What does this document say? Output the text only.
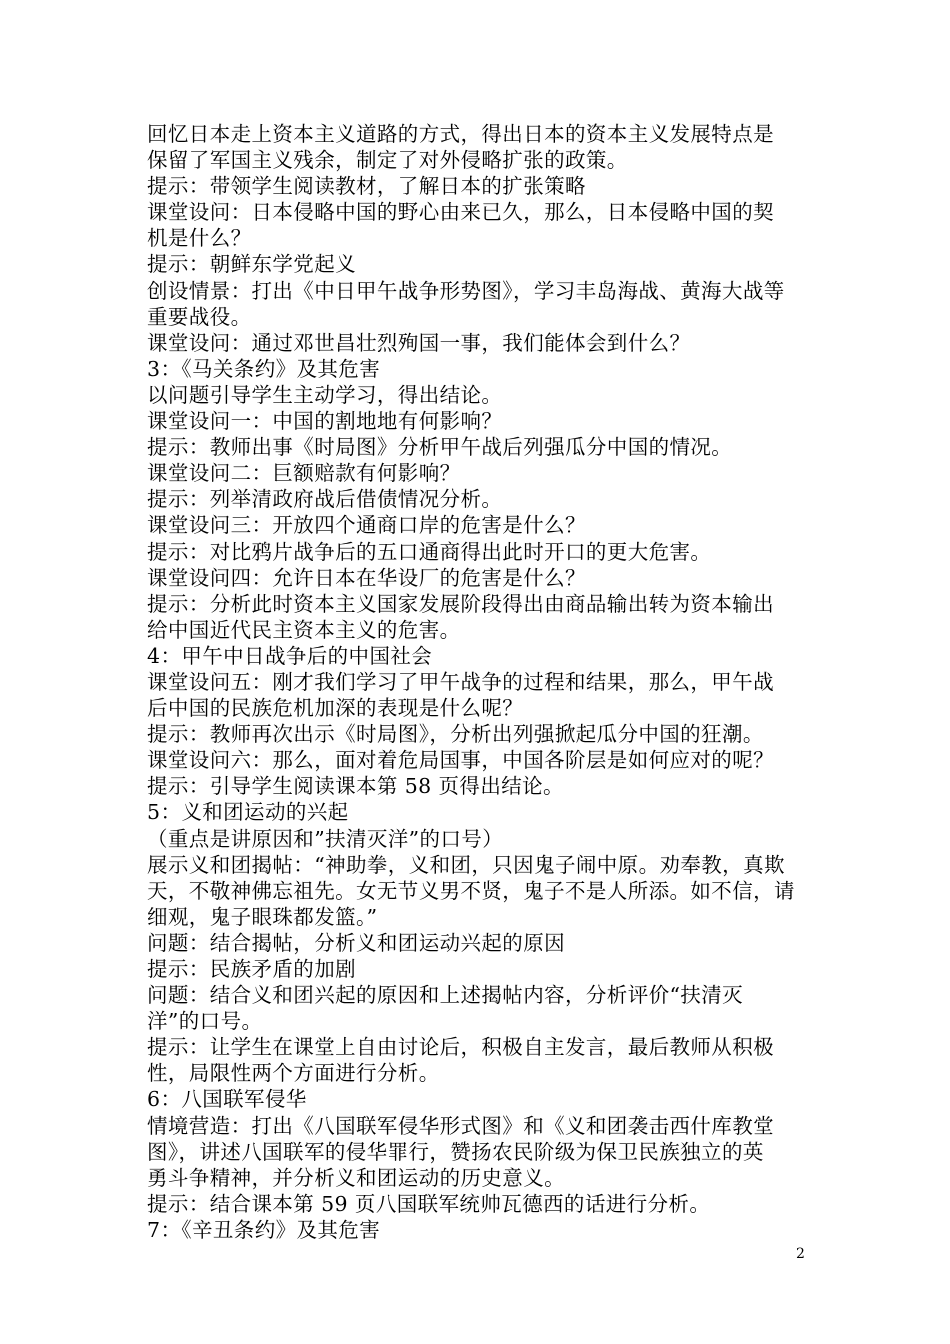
回忆日本走上资本主义道路的方式，得出日本的资本主义发展特点是
保留了军国主义残余，制定了对外侵略扩张的政策。
提示：带领学生阅读教材，了解日本的扩张策略
课堂设问：日本侵略中国的野心由来已久，那么，日本侵略中国的契
机是什么？
提示：朝鲜东学党起义
创设情景：打出《中日甲午战争形势图》，学习丰岛海战、黄海大战等
重要战役。
课堂设问：通过邓世昌壮烈殉国一事，我们能体会到什么？
3：《马关条约》及其危害
以问题引导学生主动学习，得出结论。
课堂设问一：中国的割地地有何影响？
提示：教师出事《时局图》分析甲午战后列强瓜分中国的情况。
课堂设问二：巨额赔款有何影响？
提示：列举清政府战后借债情况分析。
课堂设问三：开放四个通商口岸的危害是什么？
提示：对比鸦片战争后的五口通商得出此时开口的更大危害。
课堂设问四：允许日本在华设厂的危害是什么？
提示：分析此时资本主义国家发展阶段得出由商品输出转为资本输出
给中国近代民主资本主义的危害。
4：甲午中日战争后的中国社会
课堂设问五：刚才我们学习了甲午战争的过程和结果，那么，甲午战
后中国的民族危机加深的表现是什么呢？
提示：教师再次出示《时局图》，分析出列强掀起瓜分中国的狂潮。
课堂设问六：那么，面对着危局国事，中国各阶层是如何应对的呢？
提示：引导学生阅读课本第 58 页得出结论。
5：义和团运动的兴起
（重点是讲原因和”扶清灭洋”的口号）
展示义和团揭帖：“神助拳，义和团，只因鬼子闹中原。劝奉教，真欺
天，不敬神佛忘祖先。女无节义男不贤，鬼子不是人所添。如不信，请
细观，鬼子眼珠都发篮。”
问题：结合揭帖，分析义和团运动兴起的原因
提示：民族矛盾的加剧
问题：结合义和团兴起的原因和上述揭帖内容，分析评价“扶清灭
洋”的口号。
提示：让学生在课堂上自由讨论后，积极自主发言，最后教师从积极
性，局限性两个方面进行分析。
6：八国联军侵华
情境营造：打出《八国联军侵华形式图》和《义和团袭击西什库教堂
图》，讲述八国联军的侵华罪行，赞扬农民阶级为保卫民族独立的英
勇斗争精神，并分析义和团运动的历史意义。
提示：结合课本第 59 页八国联军统帅瓦德西的话进行分析。
7：《辛丑条约》及其危害
2
